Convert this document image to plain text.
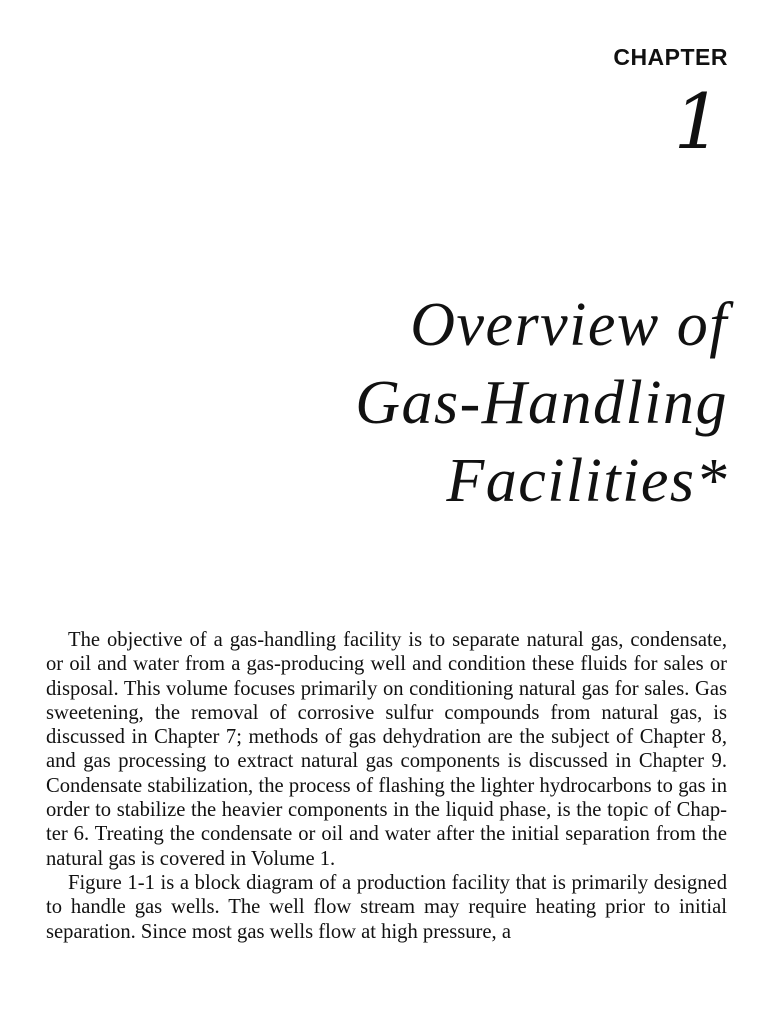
CHAPTER
1
Overview of
Gas-Handling
Facilities*

The objective of a gas-handling facility is to separate natural gas, condensate, or oil and water from a gas-producing well and condition these fluids for sales or disposal. This volume focuses primarily on conditioning natural gas for sales. Gas sweetening, the removal of corrosive sulfur compounds from natural gas, is discussed in Chapter 7; methods of gas dehydration are the subject of Chapter 8, and gas processing to extract natural gas components is discussed in Chapter 9. Condensate stabilization, the process of flashing the lighter hydrocarbons to gas in order to stabilize the heavier components in the liquid phase, is the topic of Chapter 6. Treating the condensate or oil and water after the initial separation from the natural gas is covered in Volume 1.

Figure 1-1 is a block diagram of a production facility that is primarily designed to handle gas wells. The well flow stream may require heating prior to initial separation. Since most gas wells flow at high pressure, a
